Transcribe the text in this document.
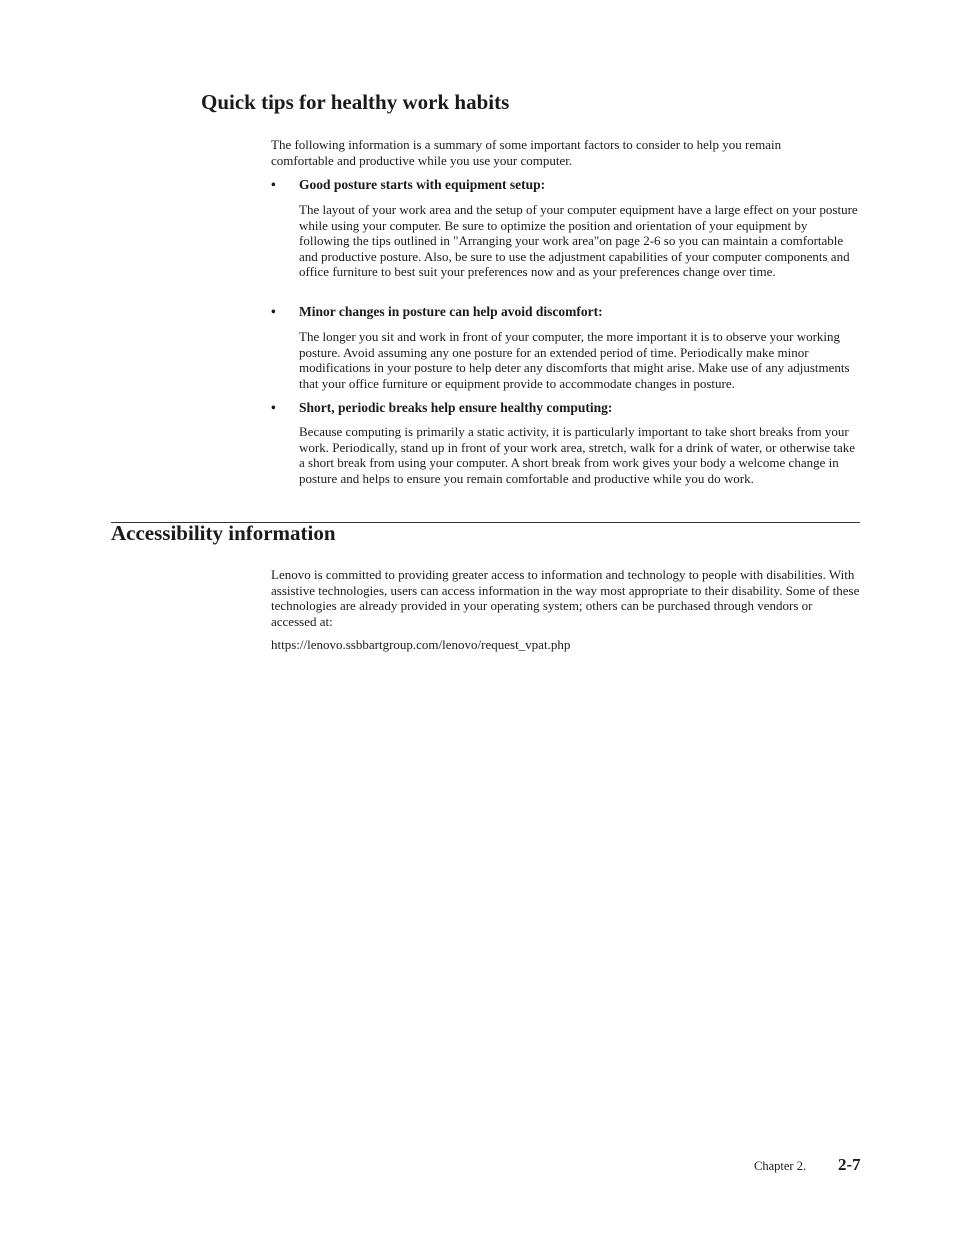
Quick tips for healthy work habits

The following information is a summary of some important factors to consider to help you remain comfortable and productive while you use your computer.

•	Good posture starts with equipment setup:

The layout of your work area and the setup of your computer equipment have a large effect on your posture while using your computer. Be sure to optimize the position and orientation of your equipment by following the tips outlined in "Arranging your work area"on page 2-6 so you can maintain a comfortable and productive posture. Also, be sure to use the adjustment capabilities of your computer components and office furniture to best suit your preferences now and as your preferences change over time.

•	Minor changes in posture can help avoid discomfort:

The longer you sit and work in front of your computer, the more important it is to observe your working posture. Avoid assuming any one posture for an extended period of time. Periodically make minor modifications in your posture to help deter any discomforts that might arise. Make use of any adjustments that your office furniture or equipment provide to accommodate changes in posture.

•	Short, periodic breaks help ensure healthy computing:

Because computing is primarily a static activity, it is particularly important to take short breaks from your work. Periodically, stand up in front of your work area, stretch, walk for a drink of water, or otherwise take a short break from using your computer. A short break from work gives your body a welcome change in posture and helps to ensure you remain comfortable and productive while you do work.

Accessibility information

Lenovo is committed to providing greater access to information and technology to people with disabilities. With assistive technologies, users can access information in the way most appropriate to their disability. Some of these technologies are already provided in your operating system; others can be purchased through vendors or accessed at:

https://lenovo.ssbbartgroup.com/lenovo/request_vpat.php

Chapter 2. 2-7
